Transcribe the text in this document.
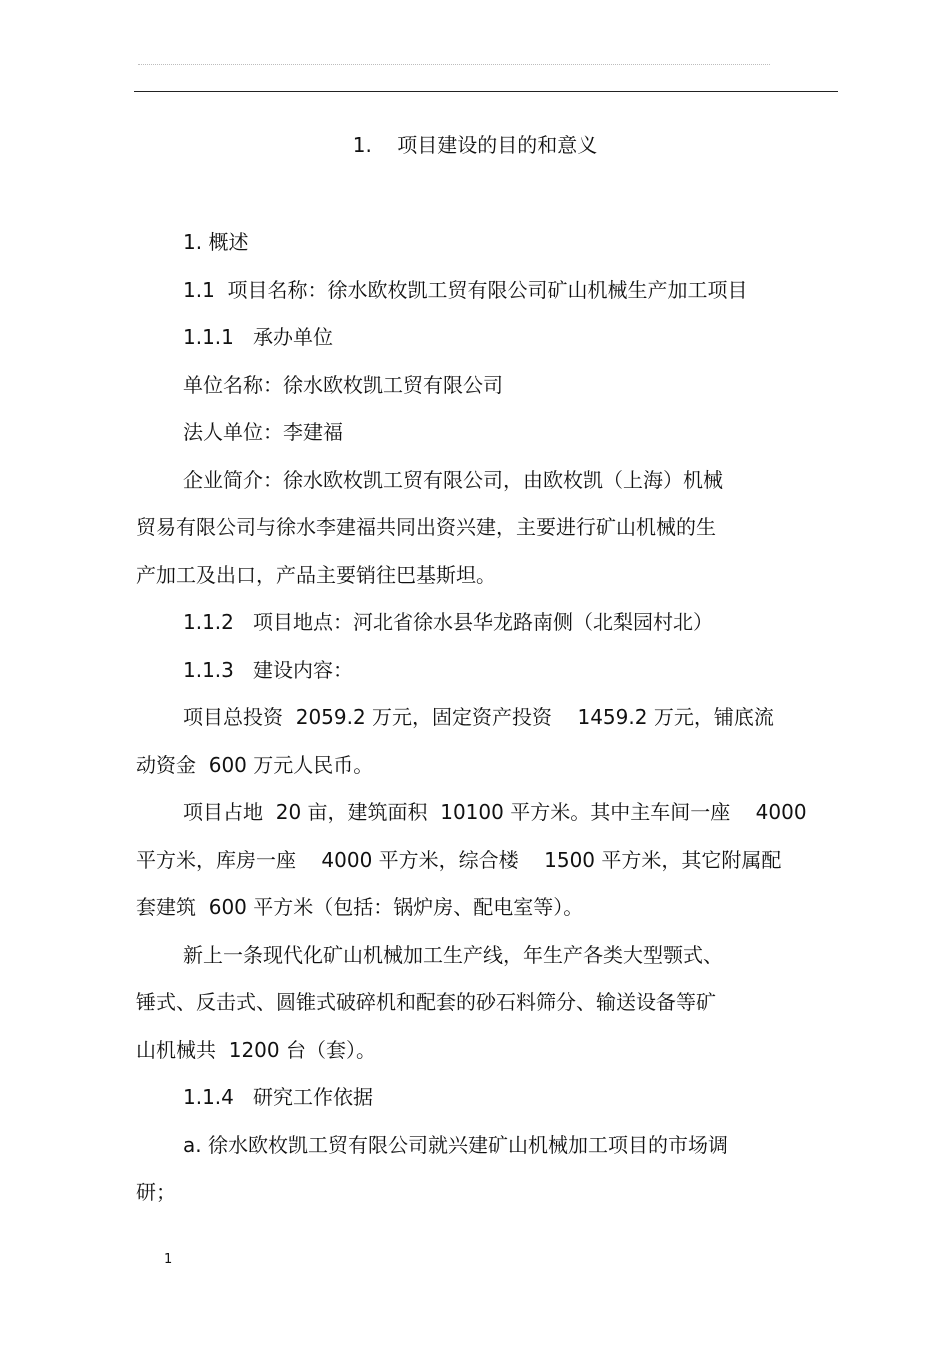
1.    项目建设的目的和意义
1. 概述
1.1  项目名称：徐水欧枚凯工贸有限公司矿山机械生产加工项目
1.1.1   承办单位
单位名称：徐水欧枚凯工贸有限公司
法人单位：李建福
企业简介：徐水欧枚凯工贸有限公司，由欧枚凯（上海）机械
贸易有限公司与徐水李建福共同出资兴建，主要进行矿山机械的生
产加工及出口，产品主要销往巴基斯坦。
1.1.2   项目地点：河北省徐水县华龙路南侧（北梨园村北）
1.1.3   建设内容：
项目总投资  2059.2 万元，固定资产投资    1459.2 万元，铺底流
动资金  600 万元人民币。
项目占地  20 亩，建筑面积  10100 平方米。其中主车间一座    4000
平方米，库房一座    4000 平方米，综合楼    1500 平方米，其它附属配
套建筑  600 平方米（包括：锅炉房、配电室等）。
新上一条现代化矿山机械加工生产线，年生产各类大型颚式、
锤式、反击式、圆锥式破碎机和配套的砂石料筛分、输送设备等矿
山机械共  1200 台（套）。
1.1.4   研究工作依据
a. 徐水欧枚凯工贸有限公司就兴建矿山机械加工项目的市场调
研；
1
